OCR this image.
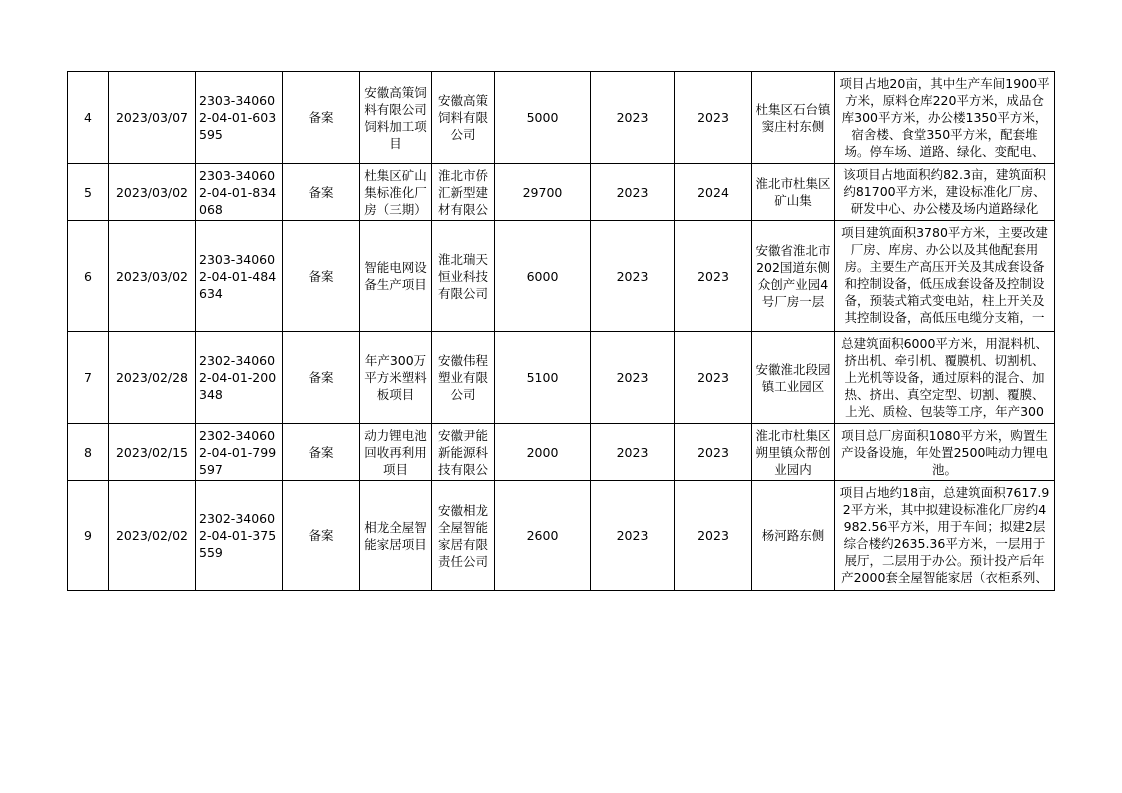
4	2023/03/07	2303-340602-04-01-603595	备案	安徽高策饲料有限公司饲料加工项目	安徽高策饲料有限公司	5000	2023	2023	杜集区石台镇窦庄村东侧	项目占地20亩，其中生产车间1900平方米，原料仓库220平方米，成品仓库300平方米，办公楼1350平方米，宿舍楼、食堂350平方米，配套堆场。停车场、道路、绿化、变配电、

5	2023/03/02	2303-340602-04-01-834068	备案	杜集区矿山集标准化厂房（三期）	淮北市侨汇新型建材有限公	29700	2023	2024	淮北市杜集区矿山集	该项目占地面积约82.3亩，建筑面积约81700平方米，建设标准化厂房、研发中心、办公楼及场内道路绿化

6	2023/03/02	2303-340602-04-01-484634	备案	智能电网设备生产项目	淮北瑞天恒业科技有限公司	6000	2023	2023	安徽省淮北市202国道东侧众创产业园4号厂房一层	项目建筑面积3780平方米，主要改建厂房、库房、办公以及其他配套用房。主要生产高压开关及其成套设备和控制设备，低压成套设备及控制设备，预装式箱式变电站，柱上开关及其控制设备，高低压电缆分支箱，一

7	2023/02/28	2302-340602-04-01-200348	备案	年产300万平方米塑料板项目	安徽伟程塑业有限公司	5100	2023	2023	安徽淮北段园镇工业园区	总建筑面积6000平方米，用混料机、挤出机、牵引机、覆膜机、切割机、上光机等设备，通过原料的混合、加热、挤出、真空定型、切割、覆膜、上光、质检、包装等工序，年产300

8	2023/02/15	2302-340602-04-01-799597	备案	动力锂电池回收再利用项目	安徽尹能新能源科技有限公	2000	2023	2023	淮北市杜集区朔里镇众帮创业园内	项目总厂房面积1080平方米，购置生产设备设施，年处置2500吨动力锂电池。

9	2023/02/02	2302-340602-04-01-375559	备案	相龙全屋智能家居项目	安徽相龙全屋智能家居有限责任公司	2600	2023	2023	杨河路东侧	项目占地约18亩，总建筑面积7617.92平方米，其中拟建设标准化厂房约4982.56平方米，用于车间；拟建2层综合楼约2635.36平方米，一层用于展厅，二层用于办公。预计投产后年产2000套全屋智能家居（衣柜系列、
